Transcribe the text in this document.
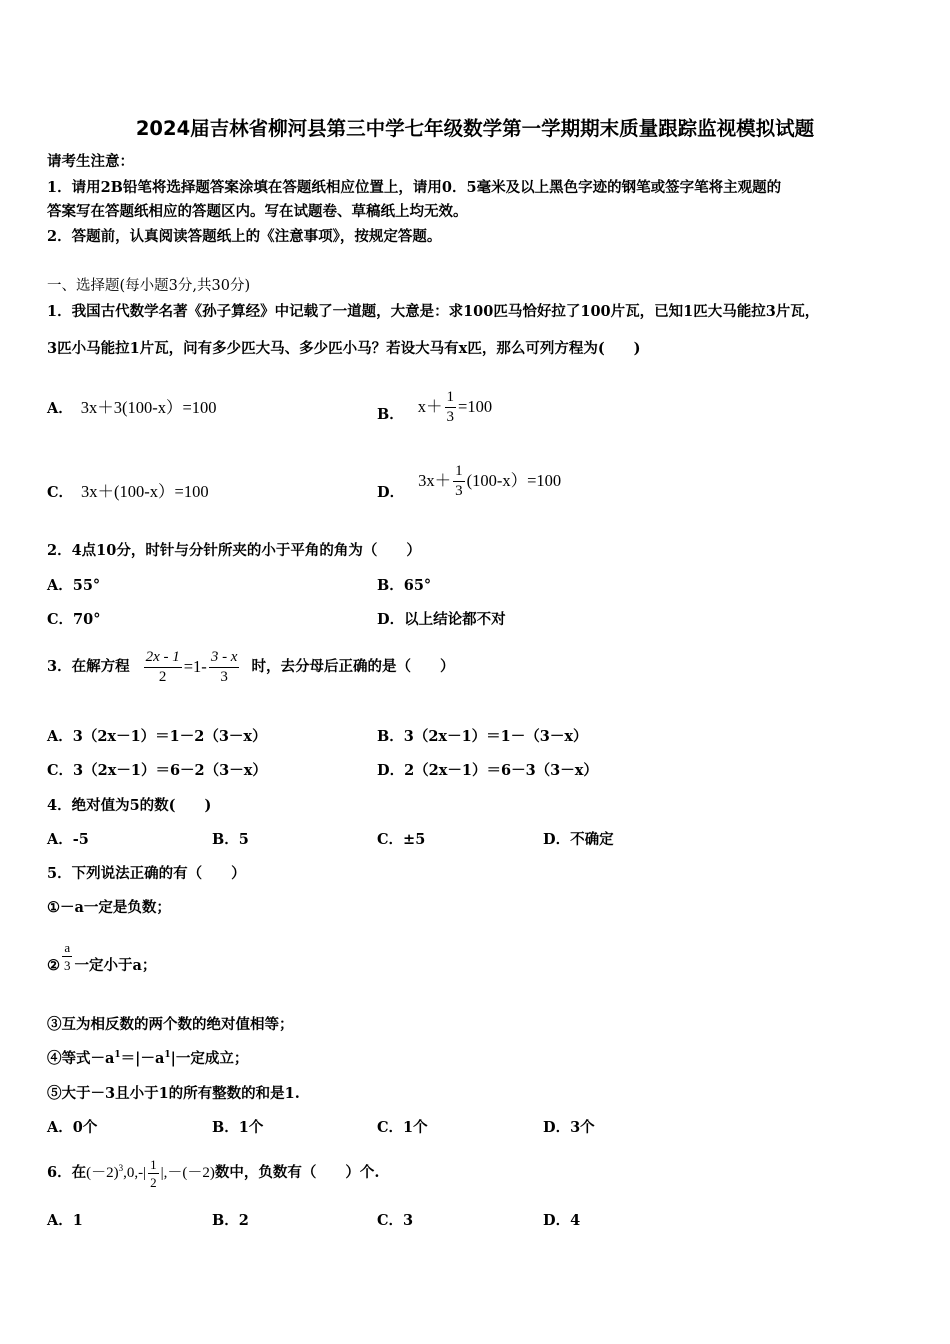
2024届吉林省柳河县第三中学七年级数学第一学期期末质量跟踪监视模拟试题
请考生注意：
1．请用2B铅笔将选择题答案涂填在答题纸相应位置上，请用0．5毫米及以上黑色字迹的钢笔或签字笔将主观题的
答案写在答题纸相应的答题区内。写在试题卷、草稿纸上均无效。
2．答题前，认真阅读答题纸上的《注意事项》，按规定答题。
一、选择题(每小题3分,共30分)
1．我国古代数学名著《孙子算经》中记载了一道题，大意是：求100匹马恰好拉了100片瓦，已知1匹大马能拉3片瓦，
3匹小马能拉1片瓦，问有多少匹大马、多少匹小马？若设大马有x匹，那么可列方程为(　　)
A． 3x＋3(100-x）=100	B． $x+ \frac{1}{3} =100$
C． 3x＋(100-x）=100	D．
$3x+ \frac{1}{3} (100-x)=100$
2．4点10分，时针与分针所夹的小于平角的角为（　　）
A．55°	B．65°
C．70°	D．以上结论都不对
3．在解方程 $\frac{2x - 1}{2} =1- \frac{3 - x}{3}$ 时，去分母后正确的是（　　）
A．3（2x－1）＝1－2（3－x）	B．3（2x－1）＝1－（3－x）
C．3（2x－1）＝6－2（3－x）	D．2（2x－1）＝6－3（3－x）
4．绝对值为5的数(　　)
A．-5	B．5	C．±5	D．不确定
5．下列说法正确的有（　　）
①－a一定是负数；
② $\frac{a}{3}$ 一定小于a；
③互为相反数的两个数的绝对值相等；
④等式$-a^1=|-a^1|$一定成立；
⑤大于－3且小于1的所有整数的和是1.
A．0个	B．1个	C．1个	D．3个
6．在 $(-2)^3,0,-| \frac{1}{2} |,-(-2)$ 数中，负数有（　　）个.
A．1	B．2	C．3	D．4
